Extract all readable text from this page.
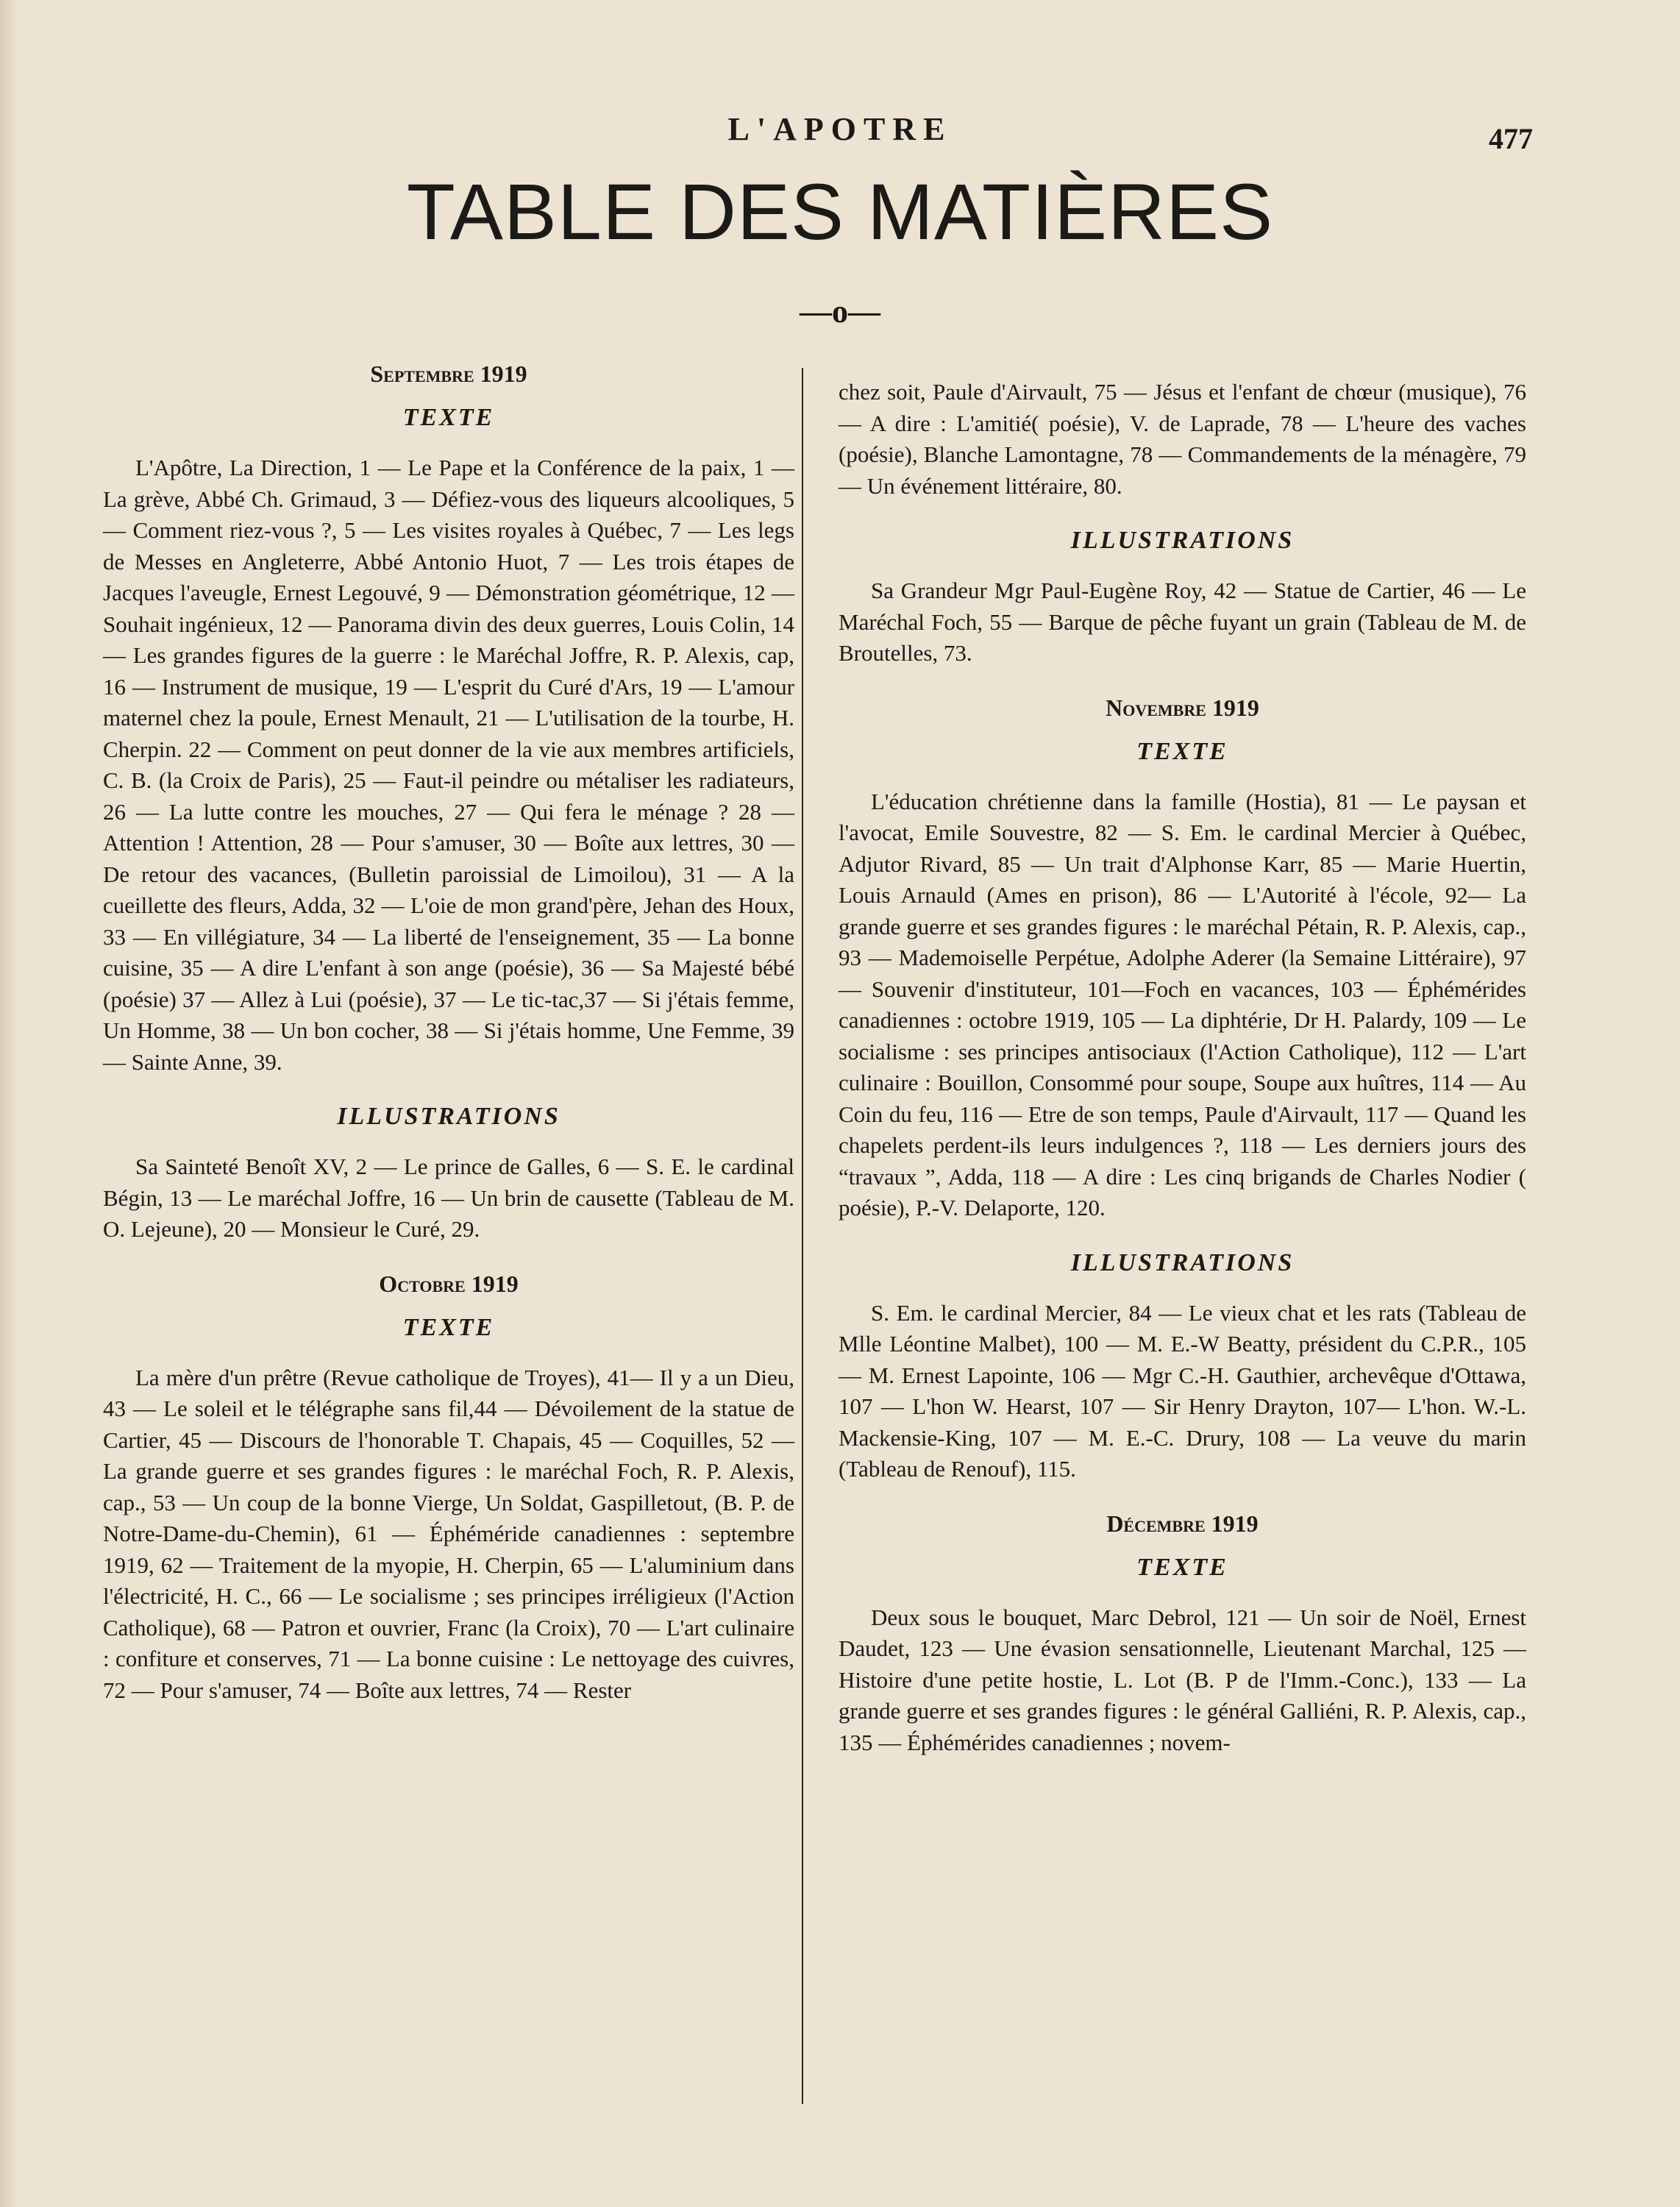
L'APOTRE	477
TABLE DES MATIÈRES
—o—
Septembre 1919
TEXTE

L'Apôtre, La Direction, 1 — Le Pape et la Conférence de la paix, 1 — La grève, Abbé Ch. Grimaud, 3 — Défiez-vous des liqueurs alcooliques, 5 — Comment riez-vous ?, 5 — Les visites royales à Québec, 7 — Les legs de Messes en Angleterre, Abbé Antonio Huot, 7 — Les trois étapes de Jacques l'aveugle, Ernest Legouvé, 9 — Démonstration géométrique, 12 — Souhait ingénieux, 12 — Panorama divin des deux guerres, Louis Colin, 14 — Les grandes figures de la guerre : le Maréchal Joffre, R. P. Alexis, cap, 16 — Instrument de musique, 19 — L'esprit du Curé d'Ars, 19 — L'amour maternel chez la poule, Ernest Menault, 21 — L'utilisation de la tourbe, H. Cherpin. 22 — Comment on peut donner de la vie aux membres artificiels, C. B. (la Croix de Paris), 25 — Faut-il peindre ou métaliser les radiateurs, 26 — La lutte contre les mouches, 27 — Qui fera le ménage ? 28 — Attention ! Attention, 28 — Pour s'amuser, 30 — Boîte aux lettres, 30 — De retour des vacances, (Bulletin paroissial de Limoilou), 31 — A la cueillette des fleurs, Adda, 32 — L'oie de mon grand'père, Jehan des Houx, 33 — En villégiature, 34 — La liberté de l'enseignement, 35 — La bonne cuisine, 35 — A dire L'enfant à son ange (poésie), 36 — Sa Majesté bébé (poésie) 37 — Allez à Lui (poésie), 37 — Le tic-tac,37 — Si j'étais femme, Un Homme, 38 — Un bon cocher, 38 — Si j'étais homme, Une Femme, 39 — Sainte Anne, 39.

ILLUSTRATIONS

Sa Sainteté Benoît XV, 2 — Le prince de Galles, 6 — S. E. le cardinal Bégin, 13 — Le maréchal Joffre, 16 — Un brin de causette (Tableau de M. O. Lejeune), 20 — Monsieur le Curé, 29.

Octobre 1919
TEXTE

La mère d'un prêtre (Revue catholique de Troyes), 41— Il y a un Dieu, 43 — Le soleil et le télégraphe sans fil,44 — Dévoilement de la statue de Cartier, 45 — Discours de l'honorable T. Chapais, 45 — Coquilles, 52 — La grande guerre et ses grandes figures : le maréchal Foch, R. P. Alexis, cap., 53 — Un coup de la bonne Vierge, Un Soldat, Gaspilletout, (B. P. de Notre-Dame-du-Chemin), 61 — Éphéméride canadiennes : septembre 1919, 62 — Traitement de la myopie, H. Cherpin, 65 — L'aluminium dans l'électricité, H. C., 66 — Le socialisme ; ses principes irréligieux (l'Action Catholique), 68 — Patron et ouvrier, Franc (la Croix), 70 — L'art culinaire : confiture et conserves, 71 — La bonne cuisine : Le nettoyage des cuivres, 72 — Pour s'amuser, 74 — Boîte aux lettres, 74 — Rester

chez soit, Paule d'Airvault, 75 — Jésus et l'enfant de chœur (musique), 76 — A dire : L'amitié( poésie), V. de Laprade, 78 — L'heure des vaches (poésie), Blanche Lamontagne, 78 — Commandements de la ménagère, 79 — Un événement littéraire, 80.

ILLUSTRATIONS

Sa Grandeur Mgr Paul-Eugène Roy, 42 — Statue de Cartier, 46 — Le Maréchal Foch, 55 — Barque de pêche fuyant un grain (Tableau de M. de Broutelles, 73.

Novembre 1919
TEXTE

L'éducation chrétienne dans la famille (Hostia), 81 — Le paysan et l'avocat, Emile Souvestre, 82 — S. Em. le cardinal Mercier à Québec, Adjutor Rivard, 85 — Un trait d'Alphonse Karr, 85 — Marie Huertin, Louis Arnauld (Ames en prison), 86 — L'Autorité à l'école, 92— La grande guerre et ses grandes figures : le maréchal Pétain, R. P. Alexis, cap., 93 — Mademoiselle Perpétue, Adolphe Aderer (la Semaine Littéraire), 97 — Souvenir d'instituteur, 101—Foch en vacances, 103 — Éphémérides canadiennes : octobre 1919, 105 — La diphtérie, Dr H. Palardy, 109 — Le socialisme : ses principes antisociaux (l'Action Catholique), 112 — L'art culinaire : Bouillon, Consommé pour soupe, Soupe aux huîtres, 114 — Au Coin du feu, 116 — Etre de son temps, Paule d'Airvault, 117 — Quand les chapelets perdent-ils leurs indulgences ?, 118 — Les derniers jours des “travaux ”, Adda, 118 — A dire : Les cinq brigands de Charles Nodier ( poésie), P.-V. Delaporte, 120.

ILLUSTRATIONS

S. Em. le cardinal Mercier, 84 — Le vieux chat et les rats (Tableau de Mlle Léontine Malbet), 100 — M. E.-W Beatty, président du C.P.R., 105 — M. Ernest Lapointe, 106 — Mgr C.-H. Gauthier, archevêque d'Ottawa, 107 — L'hon W. Hearst, 107 — Sir Henry Drayton, 107— L'hon. W.-L. Mackensie-King, 107 — M. E.-C. Drury, 108 — La veuve du marin (Tableau de Renouf), 115.

Décembre 1919
TEXTE

Deux sous le bouquet, Marc Debrol, 121 — Un soir de Noël, Ernest Daudet, 123 — Une évasion sensationnelle, Lieutenant Marchal, 125 — Histoire d'une petite hostie, L. Lot (B. P de l'Imm.-Conc.), 133 — La grande guerre et ses grandes figures : le général Galliéni, R. P. Alexis, cap., 135 — Éphémérides canadiennes ; novem-
